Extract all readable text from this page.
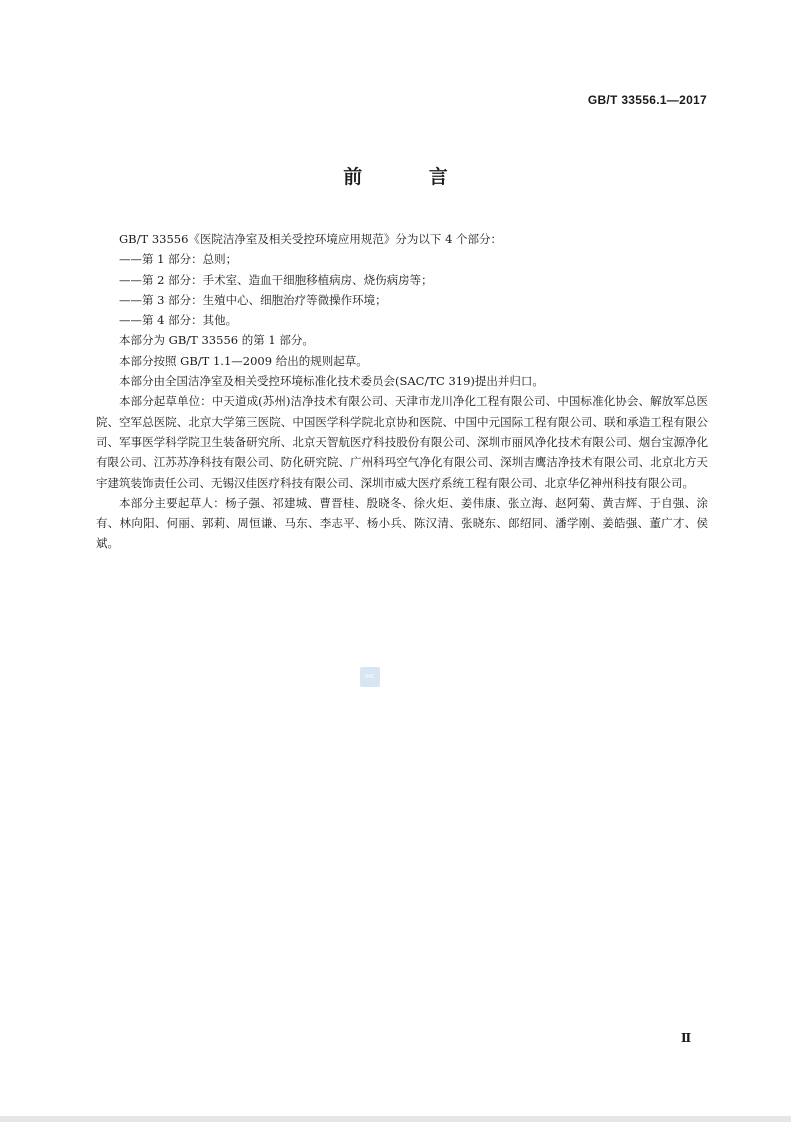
GB/T 33556.1—2017
前 言

GB/T 33556《医院洁净室及相关受控环境应用规范》分为以下 4 个部分：

——第 1 部分：总则；

——第 2 部分：手术室、造血干细胞移植病房、烧伤病房等；

——第 3 部分：生殖中心、细胞治疗等微操作环境；

——第 4 部分：其他。

本部分为 GB/T 33556 的第 1 部分。

本部分按照 GB/T 1.1—2009 给出的规则起草。

本部分由全国洁净室及相关受控环境标准化技术委员会(SAC/TC 319)提出并归口。

本部分起草单位：中天道成(苏州)洁净技术有限公司、天津市龙川净化工程有限公司、中国标准化协会、解放军总医院、空军总医院、北京大学第三医院、中国医学科学院北京协和医院、中国中元国际工程有限公司、联和承造工程有限公司、军事医学科学院卫生装备研究所、北京天智航医疗科技股份有限公司、深圳市丽风净化技术有限公司、烟台宝源净化有限公司、江苏苏净科技有限公司、防化研究院、广州科玛空气净化有限公司、深圳吉鹰洁净技术有限公司、北京北方天宇建筑装饰责任公司、无锡汉佳医疗科技有限公司、深圳市威大医疗系统工程有限公司、北京华亿神州科技有限公司。

本部分主要起草人：杨子强、祁建城、曹晋桂、殷晓冬、徐火炬、姜伟康、张立海、赵阿菊、黄吉辉、于自强、涂有、林向阳、何丽、郭莉、周恒谦、马东、李志平、杨小兵、陈汉清、张晓东、郎绍同、潘学刚、姜皓强、董广才、侯斌。

SAC
Ⅱ
